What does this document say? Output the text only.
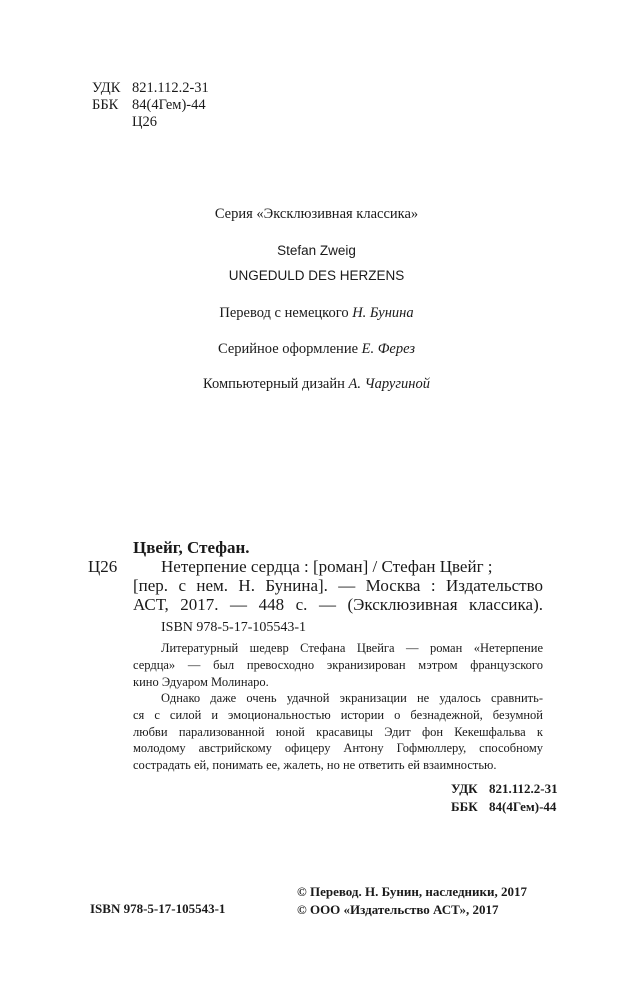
УДК 821.112.2-31
ББК 84(4Гем)-44
Ц26
Серия «Эксклюзивная классика»
Stefan Zweig
UNGEDULD DES HERZENS
Перевод с немецкого Н. Бунина
Серийное оформление Е. Ферез
Компьютерный дизайн А. Чаругиной
Цвейг, Стефан.
Ц26	Нетерпение сердца : [роман] / Стефан Цвейг ;
[пер. с нем. Н. Бунина]. — Москва : Издательство
АСТ, 2017. — 448 с. — (Эксклюзивная классика).
ISBN 978-5-17-105543-1
Литературный шедевр Стефана Цвейга — роман «Нетерпение
сердца» — был превосходно экранизирован мэтром французского
кино Эдуаром Молинаро.
Однако даже очень удачной экранизации не удалось сравнить-
ся с силой и эмоциональностью истории о безнадежной, безумной
любви парализованной юной красавицы Эдит фон Кекешфальва к
молодому австрийскому офицеру Антону Гофмюллеру, способному
сострадать ей, понимать ее, жалеть, но не ответить ей взаимностью.
УДК 821.112.2-31
ББК 84(4Гем)-44
ISBN 978-5-17-105543-1
© Перевод. Н. Бунин, наследники, 2017
© ООО «Издательство АСТ», 2017
